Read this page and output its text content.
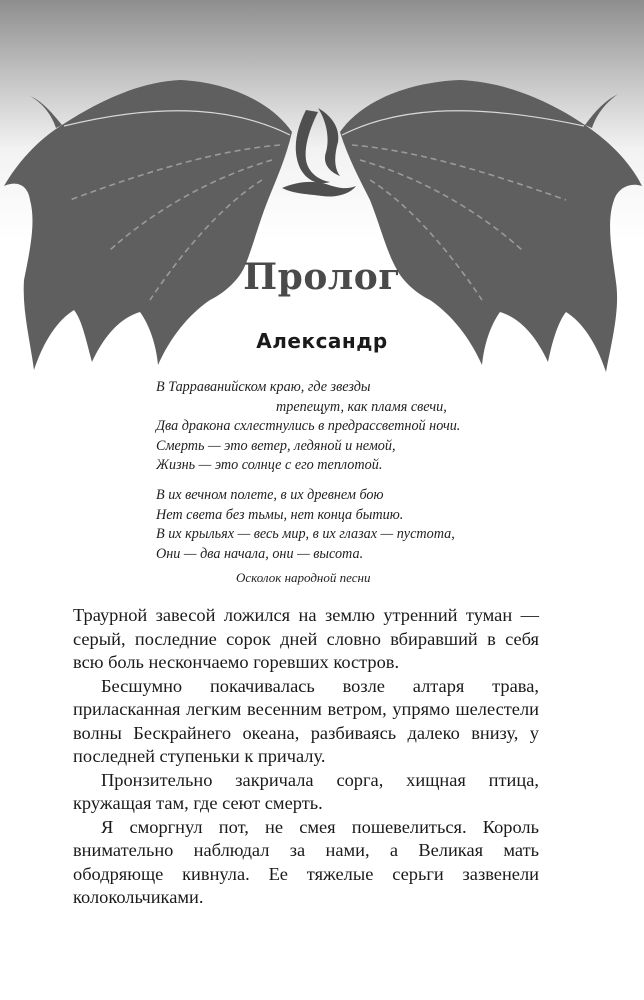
Пролог
Александр
В Тарраванийском краю, где звезды
трепещут, как пламя свечи,
Два дракона схлестнулись в предрассветной ночи.
Смерть — это ветер, ледяной и немой,
Жизнь — это солнце с его теплотой.
В их вечном полете, в их древнем бою
Нет света без тьмы, нет конца бытию.
В их крыльях — весь мир, в их глазах — пустота,
Они — два начала, они — высота.
Осколок народной песни

Траурной завесой ложился на землю утренний туман — серый, последние сорок дней словно вбиравший в себя всю боль нескончаемо горевших костров.

Бесшумно покачивалась возле алтаря трава, приласканная легким весенним ветром, упрямо шелестели волны Бескрайнего океана, разбиваясь далеко внизу, у последней ступеньки к причалу.

Пронзительно закричала сорга, хищная птица, кружащая там, где сеют смерть.

Я сморгнул пот, не смея пошевелиться. Король внимательно наблюдал за нами, а Великая мать ободряюще кивнула. Ее тяжелые серьги зазвенели колокольчиками.
